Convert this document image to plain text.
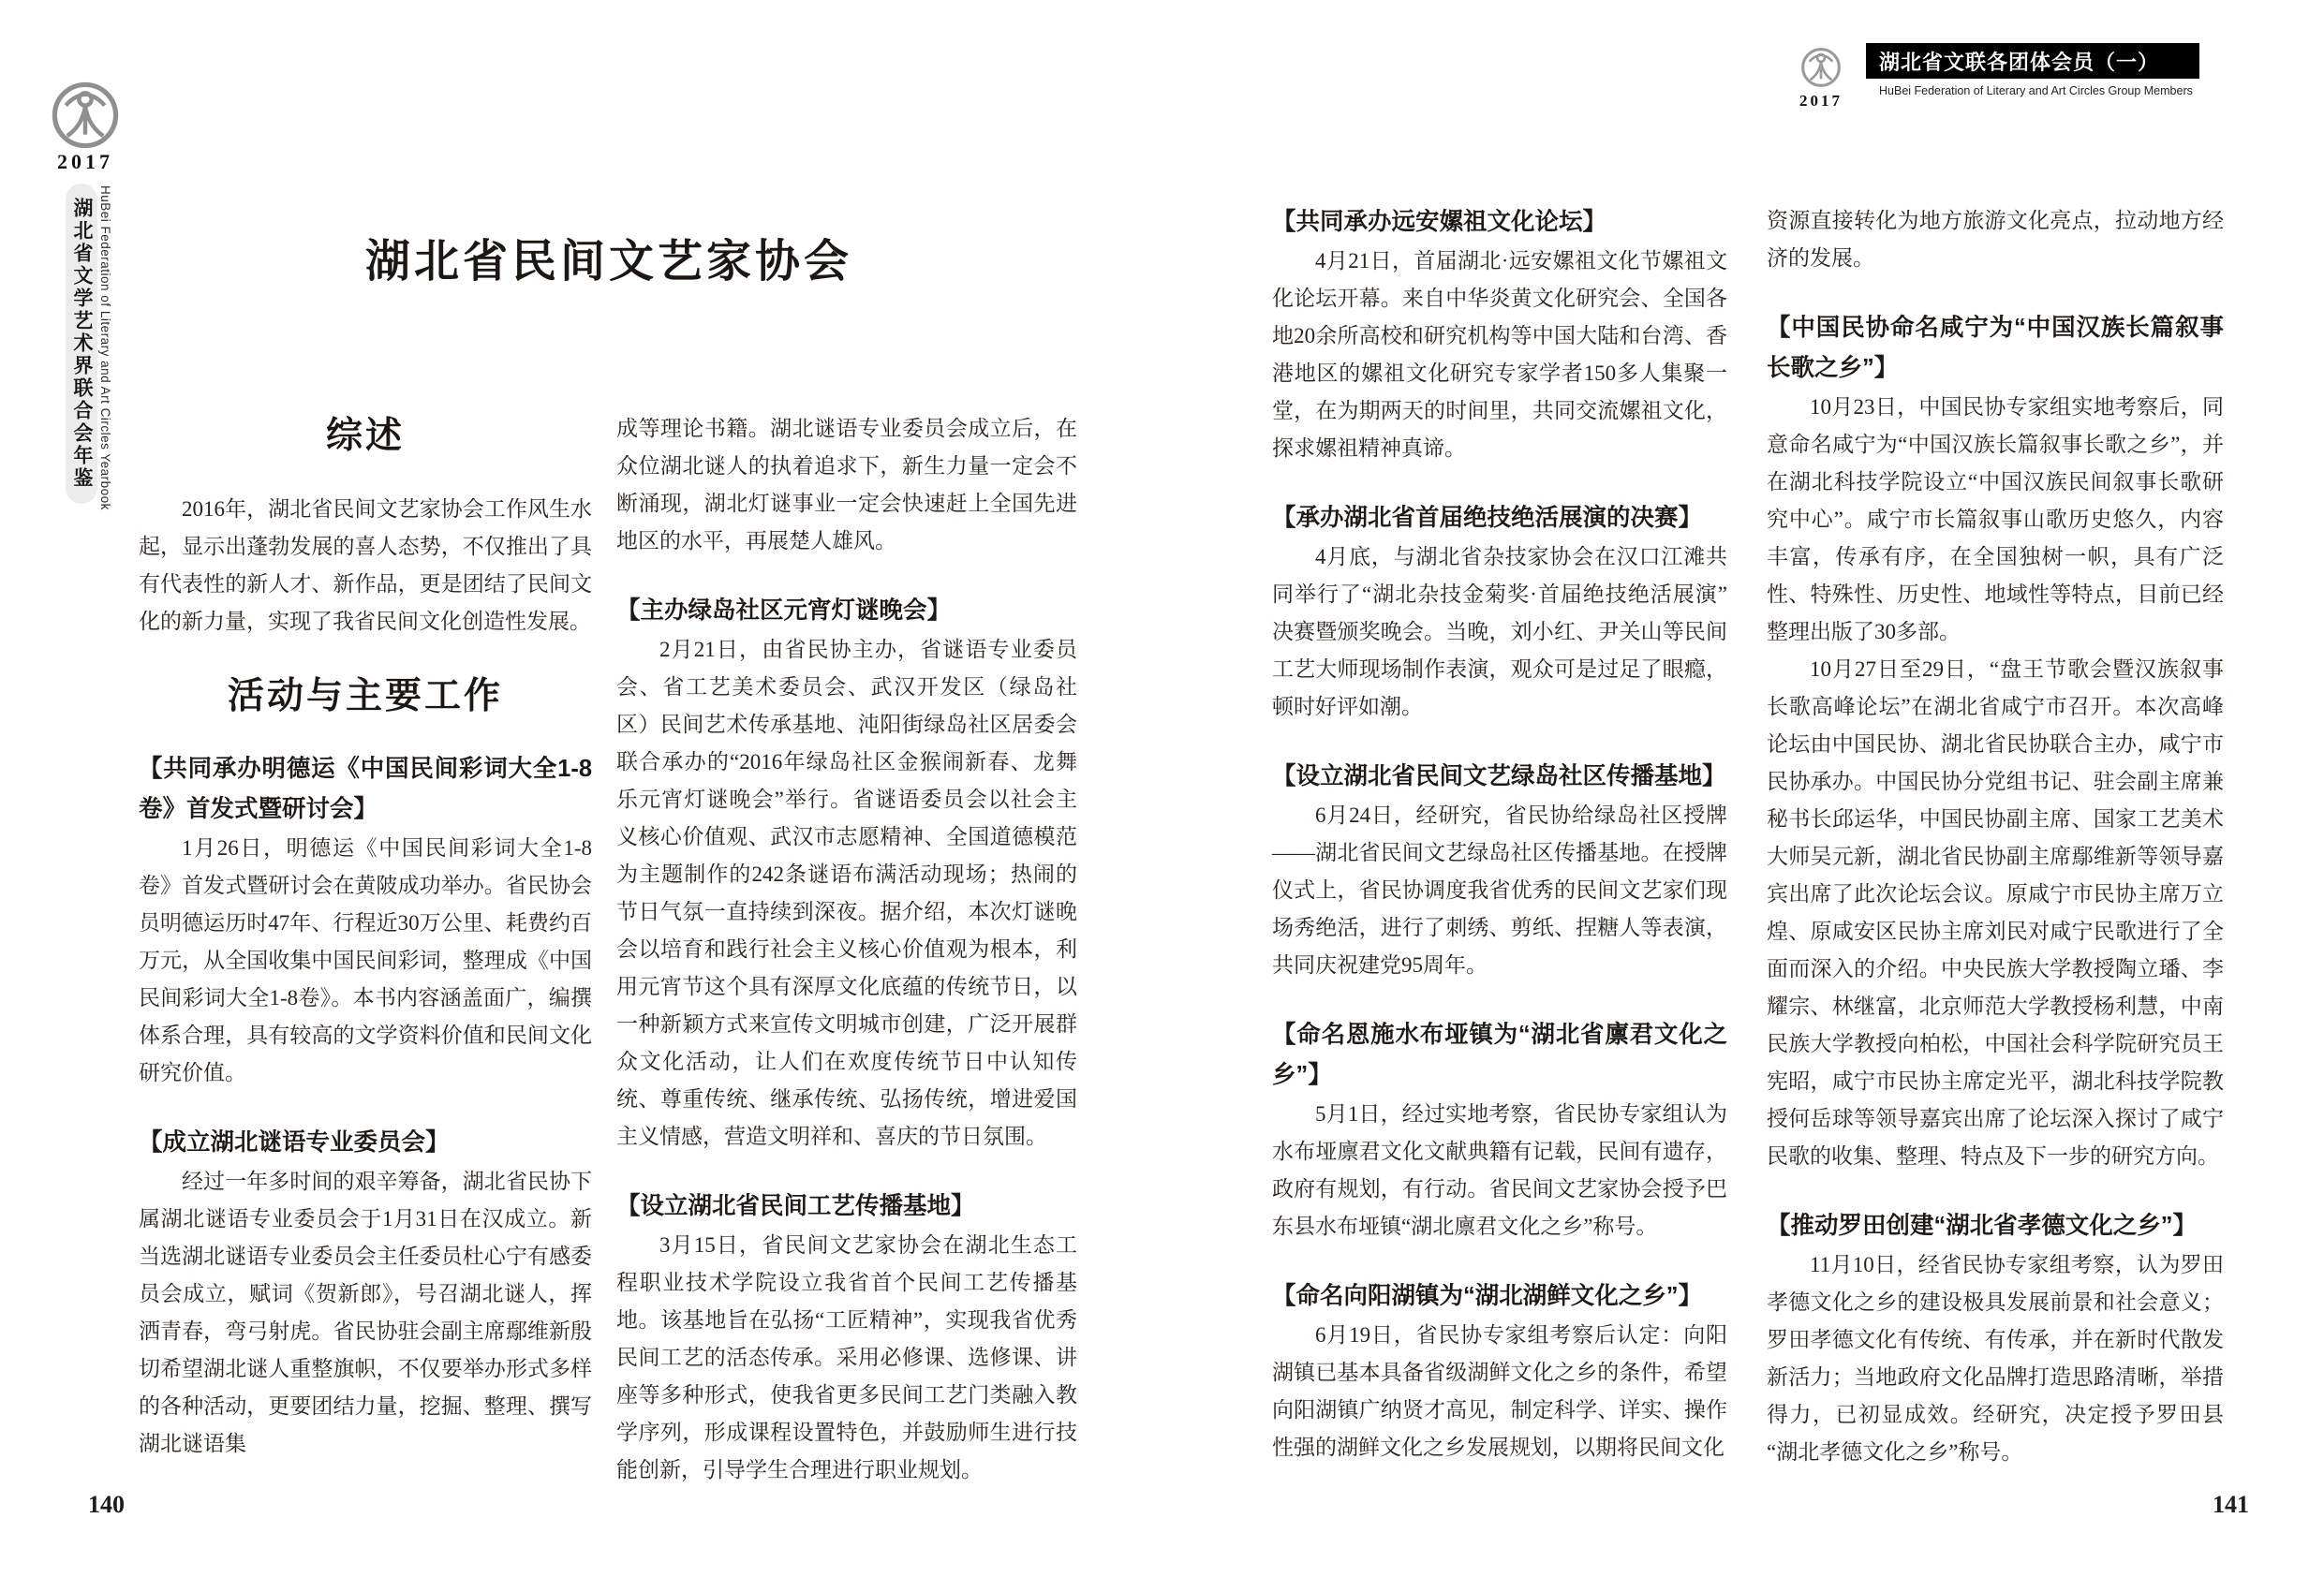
2017
湖北省文学艺术界联合会年鉴 HuBei Federation of Literary and Art Circles Yearbook
2017
湖北省文联各团体会员（一）
HuBei Federation of Literary and Art Circles Group Members
湖北省民间文艺家协会
综述

2016年，湖北省民间文艺家协会工作风生水起，显示出蓬勃发展的喜人态势，不仅推出了具有代表性的新人才、新作品，更是团结了民间文化的新力量，实现了我省民间文化创造性发展。

活动与主要工作
【共同承办明德运《中国民间彩词大全1-8卷》首发式暨研讨会】

1月26日，明德运《中国民间彩词大全1-8卷》首发式暨研讨会在黄陂成功举办。省民协会员明德运历时47年、行程近30万公里、耗费约百万元，从全国收集中国民间彩词，整理成《中国民间彩词大全1-8卷》。本书内容涵盖面广，编撰体系合理，具有较高的文学资料价值和民间文化研究价值。

【成立湖北谜语专业委员会】

经过一年多时间的艰辛筹备，湖北省民协下属湖北谜语专业委员会于1月31日在汉成立。新当选湖北谜语专业委员会主任委员杜心宁有感委员会成立，赋词《贺新郎》，号召湖北谜人，挥洒青春，弯弓射虎。省民协驻会副主席鄢维新殷切希望湖北谜人重整旗帜，不仅要举办形式多样的各种活动，更要团结力量，挖掘、整理、撰写湖北谜语集

成等理论书籍。湖北谜语专业委员会成立后，在众位湖北谜人的执着追求下，新生力量一定会不断涌现，湖北灯谜事业一定会快速赶上全国先进地区的水平，再展楚人雄风。

【主办绿岛社区元宵灯谜晚会】

2月21日，由省民协主办，省谜语专业委员会、省工艺美术委员会、武汉开发区（绿岛社区）民间艺术传承基地、沌阳街绿岛社区居委会联合承办的“2016年绿岛社区金猴闹新春、龙舞乐元宵灯谜晚会”举行。省谜语委员会以社会主义核心价值观、武汉市志愿精神、全国道德模范为主题制作的242条谜语布满活动现场；热闹的节日气氛一直持续到深夜。据介绍，本次灯谜晚会以培育和践行社会主义核心价值观为根本，利用元宵节这个具有深厚文化底蕴的传统节日，以一种新颖方式来宣传文明城市创建，广泛开展群众文化活动，让人们在欢度传统节日中认知传统、尊重传统、继承传统、弘扬传统，增进爱国主义情感，营造文明祥和、喜庆的节日氛围。

【设立湖北省民间工艺传播基地】

3月15日，省民间文艺家协会在湖北生态工程职业技术学院设立我省首个民间工艺传播基地。该基地旨在弘扬“工匠精神”，实现我省优秀民间工艺的活态传承。采用必修课、选修课、讲座等多种形式，使我省更多民间工艺门类融入教学序列，形成课程设置特色，并鼓励师生进行技能创新，引导学生合理进行职业规划。

【共同承办远安嫘祖文化论坛】

4月21日，首届湖北·远安嫘祖文化节嫘祖文化论坛开幕。来自中华炎黄文化研究会、全国各地20余所高校和研究机构等中国大陆和台湾、香港地区的嫘祖文化研究专家学者150多人集聚一堂，在为期两天的时间里，共同交流嫘祖文化，探求嫘祖精神真谛。

【承办湖北省首届绝技绝活展演的决赛】

4月底，与湖北省杂技家协会在汉口江滩共同举行了“湖北杂技金菊奖·首届绝技绝活展演”决赛暨颁奖晚会。当晚，刘小红、尹关山等民间工艺大师现场制作表演，观众可是过足了眼瘾，顿时好评如潮。

【设立湖北省民间文艺绿岛社区传播基地】

6月24日，经研究，省民协给绿岛社区授牌——湖北省民间文艺绿岛社区传播基地。在授牌仪式上，省民协调度我省优秀的民间文艺家们现场秀绝活，进行了刺绣、剪纸、捏糖人等表演，共同庆祝建党95周年。

【命名恩施水布垭镇为“湖北省廪君文化之乡”】

5月1日，经过实地考察，省民协专家组认为水布垭廪君文化文献典籍有记载，民间有遗存，政府有规划，有行动。省民间文艺家协会授予巴东县水布垭镇“湖北廪君文化之乡”称号。

【命名向阳湖镇为“湖北湖鲜文化之乡”】

6月19日，省民协专家组考察后认定：向阳湖镇已基本具备省级湖鲜文化之乡的条件，希望向阳湖镇广纳贤才高见，制定科学、详实、操作性强的湖鲜文化之乡发展规划，以期将民间文化

资源直接转化为地方旅游文化亮点，拉动地方经济的发展。

【中国民协命名咸宁为“中国汉族长篇叙事长歌之乡”】

10月23日，中国民协专家组实地考察后，同意命名咸宁为“中国汉族长篇叙事长歌之乡”，并在湖北科技学院设立“中国汉族民间叙事长歌研究中心”。咸宁市长篇叙事山歌历史悠久，内容丰富，传承有序，在全国独树一帜，具有广泛性、特殊性、历史性、地域性等特点，目前已经整理出版了30多部。

10月27日至29日，“盘王节歌会暨汉族叙事长歌高峰论坛”在湖北省咸宁市召开。本次高峰论坛由中国民协、湖北省民协联合主办，咸宁市民协承办。中国民协分党组书记、驻会副主席兼秘书长邱运华，中国民协副主席、国家工艺美术大师吴元新，湖北省民协副主席鄢维新等领导嘉宾出席了此次论坛会议。原咸宁市民协主席万立煌、原咸安区民协主席刘民对咸宁民歌进行了全面而深入的介绍。中央民族大学教授陶立璠、李耀宗、林继富，北京师范大学教授杨利慧，中南民族大学教授向柏松，中国社会科学院研究员王宪昭，咸宁市民协主席定光平，湖北科技学院教授何岳球等领导嘉宾出席了论坛深入探讨了咸宁民歌的收集、整理、特点及下一步的研究方向。

【推动罗田创建“湖北省孝德文化之乡”】

11月10日，经省民协专家组考察，认为罗田孝德文化之乡的建设极具发展前景和社会意义；罗田孝德文化有传统、有传承，并在新时代散发新活力；当地政府文化品牌打造思路清晰，举措得力，已初显成效。经研究，决定授予罗田县“湖北孝德文化之乡”称号。

140	141
